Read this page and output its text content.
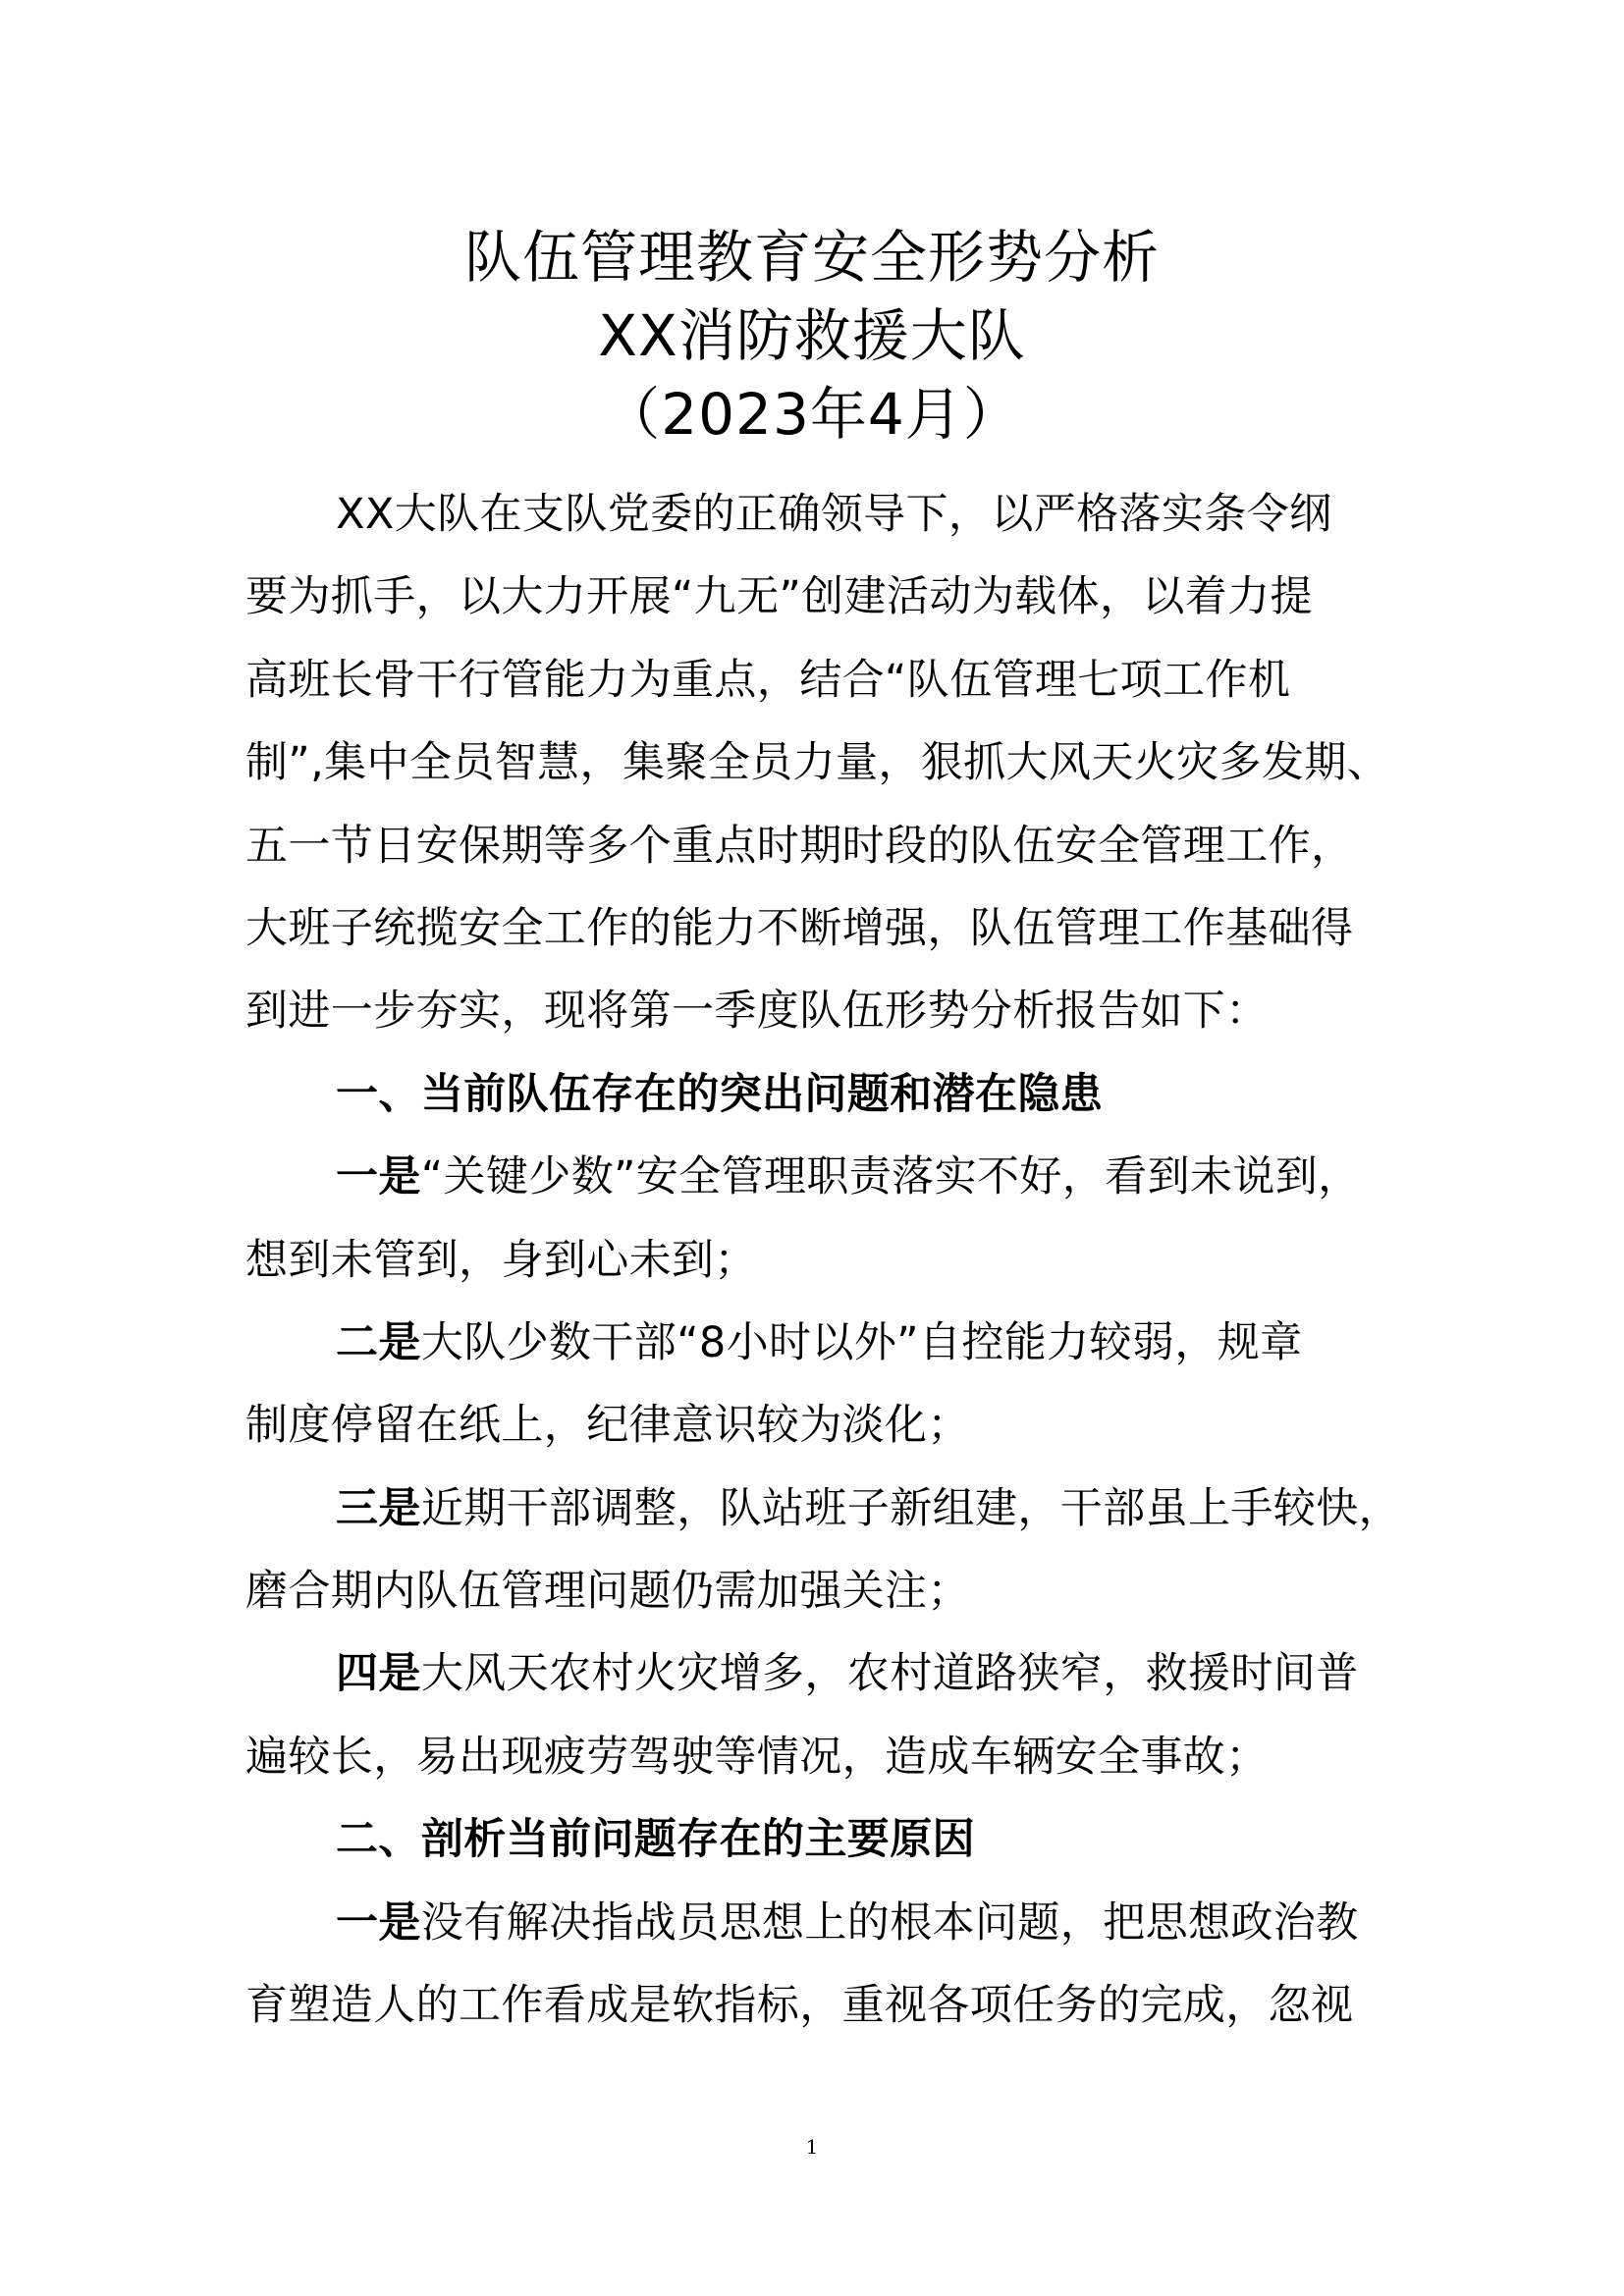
队伍管理教育安全形势分析
XX消防救援大队
（2023年4月）
XX大队在支队党委的正确领导下，以严格落实条令纲
要为抓手，以大力开展“九无”创建活动为载体，以着力提
高班长骨干行管能力为重点，结合“队伍管理七项工作机
制”,集中全员智慧，集聚全员力量，狠抓大风天火灾多发期、
五一节日安保期等多个重点时期时段的队伍安全管理工作，
大班子统揽安全工作的能力不断增强，队伍管理工作基础得
到进一步夯实，现将第一季度队伍形势分析报告如下：
一、当前队伍存在的突出问题和潜在隐患
一是“关键少数”安全管理职责落实不好，看到未说到，
想到未管到，身到心未到；
二是大队少数干部“8小时以外”自控能力较弱，规章
制度停留在纸上，纪律意识较为淡化；
三是近期干部调整，队站班子新组建，干部虽上手较快，
磨合期内队伍管理问题仍需加强关注；
四是大风天农村火灾增多，农村道路狭窄，救援时间普
遍较长，易出现疲劳驾驶等情况，造成车辆安全事故；
二、剖析当前问题存在的主要原因
一是没有解决指战员思想上的根本问题，把思想政治教
育塑造人的工作看成是软指标，重视各项任务的完成，忽视
1
